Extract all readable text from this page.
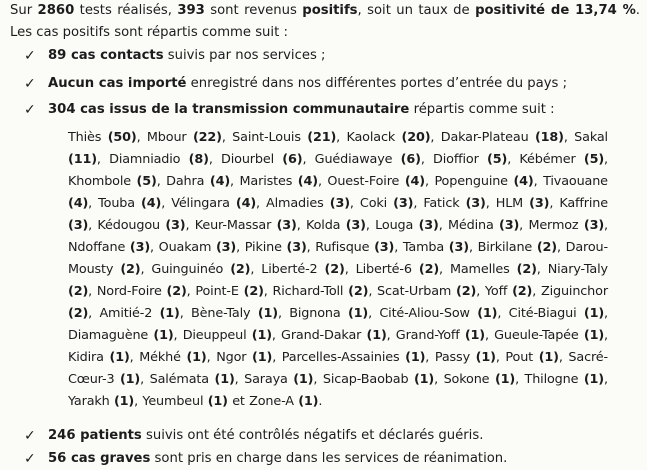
Sur 2860 tests réalisés, 393 sont revenus positifs, soit un taux de positivité de 13,74 %. Les cas positifs sont répartis comme suit :
✓ 89 cas contacts suivis par nos services ;
✓ Aucun cas importé enregistré dans nos différentes portes d’entrée du pays ;
✓ 304 cas issus de la transmission communautaire répartis comme suit :
Thiès (50), Mbour (22), Saint-Louis (21), Kaolack (20), Dakar-Plateau (18), Sakal (11), Diamniadio (8), Diourbel (6), Guédiawaye (6), Dioffior (5), Kébémer (5), Khombole (5), Dahra (4), Maristes (4), Ouest-Foire (4), Popenguine (4), Tivaouane (4), Touba (4), Vélingara (4), Almadies (3), Coki (3), Fatick (3), HLM (3), Kaffrine (3), Kédougou (3), Keur-Massar (3), Kolda (3), Louga (3), Médina (3), Mermoz (3), Ndoffane (3), Ouakam (3), Pikine (3), Rufisque (3), Tamba (3), Birkilane (2), Darou-Mousty (2), Guinguinéo (2), Liberté-2 (2), Liberté-6 (2), Mamelles (2), Niary-Taly (2), Nord-Foire (2), Point-E (2), Richard-Toll (2), Scat-Urbam (2), Yoff (2), Ziguinchor (2), Amitié-2 (1), Bène-Taly (1), Bignona (1), Cité-Aliou-Sow (1), Cité-Biagui (1), Diamaguène (1), Dieuppeul (1), Grand-Dakar (1), Grand-Yoff (1), Gueule-Tapée (1), Kidira (1), Mékhé (1), Ngor (1), Parcelles-Assainies (1), Passy (1), Pout (1), Sacré-Cœur-3 (1), Salémata (1), Saraya (1), Sicap-Baobab (1), Sokone (1), Thilogne (1), Yarakh (1), Yeumbeul (1) et Zone-A (1).
✓ 246 patients suivis ont été contrôlés négatifs et déclarés guéris.
✓ 56 cas graves sont pris en charge dans les services de réanimation.
